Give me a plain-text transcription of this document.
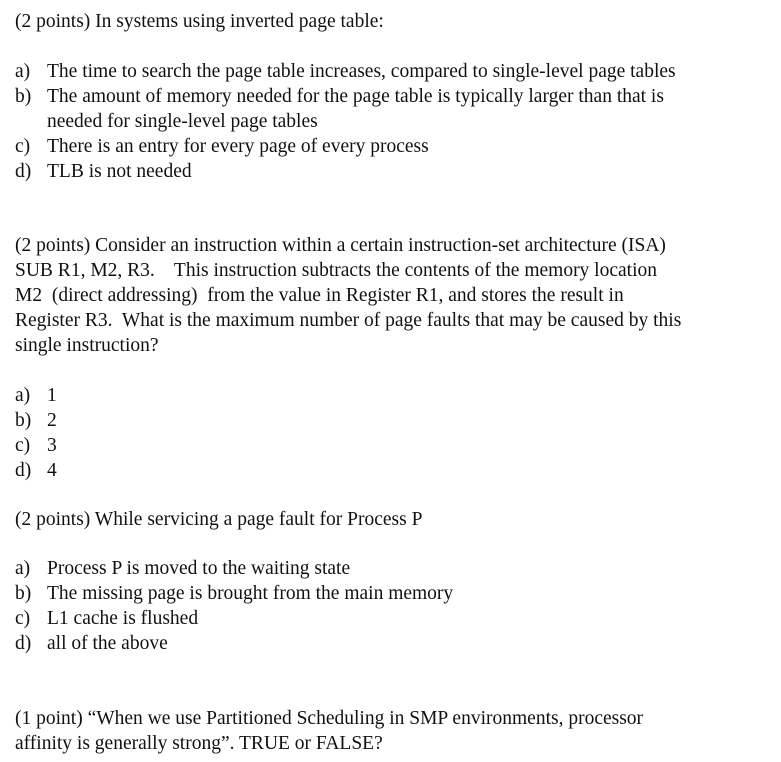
(2 points) In systems using inverted page table:
a) The time to search the page table increases, compared to single-level page tables
b) The amount of memory needed for the page table is typically larger than that is
needed for single-level page tables
c) There is an entry for every page of every process
d) TLB is not needed
(2 points) Consider an instruction within a certain instruction-set architecture (ISA)
SUB R1, M2, R3.    This instruction subtracts the contents of the memory location
M2  (direct addressing)  from the value in Register R1, and stores the result in
Register R3.  What is the maximum number of page faults that may be caused by this
single instruction?
a) 1
b) 2
c) 3
d) 4
(2 points) While servicing a page fault for Process P
a) Process P is moved to the waiting state
b) The missing page is brought from the main memory
c) L1 cache is flushed
d) all of the above
(1 point) “When we use Partitioned Scheduling in SMP environments, processor
affinity is generally strong”. TRUE or FALSE?
